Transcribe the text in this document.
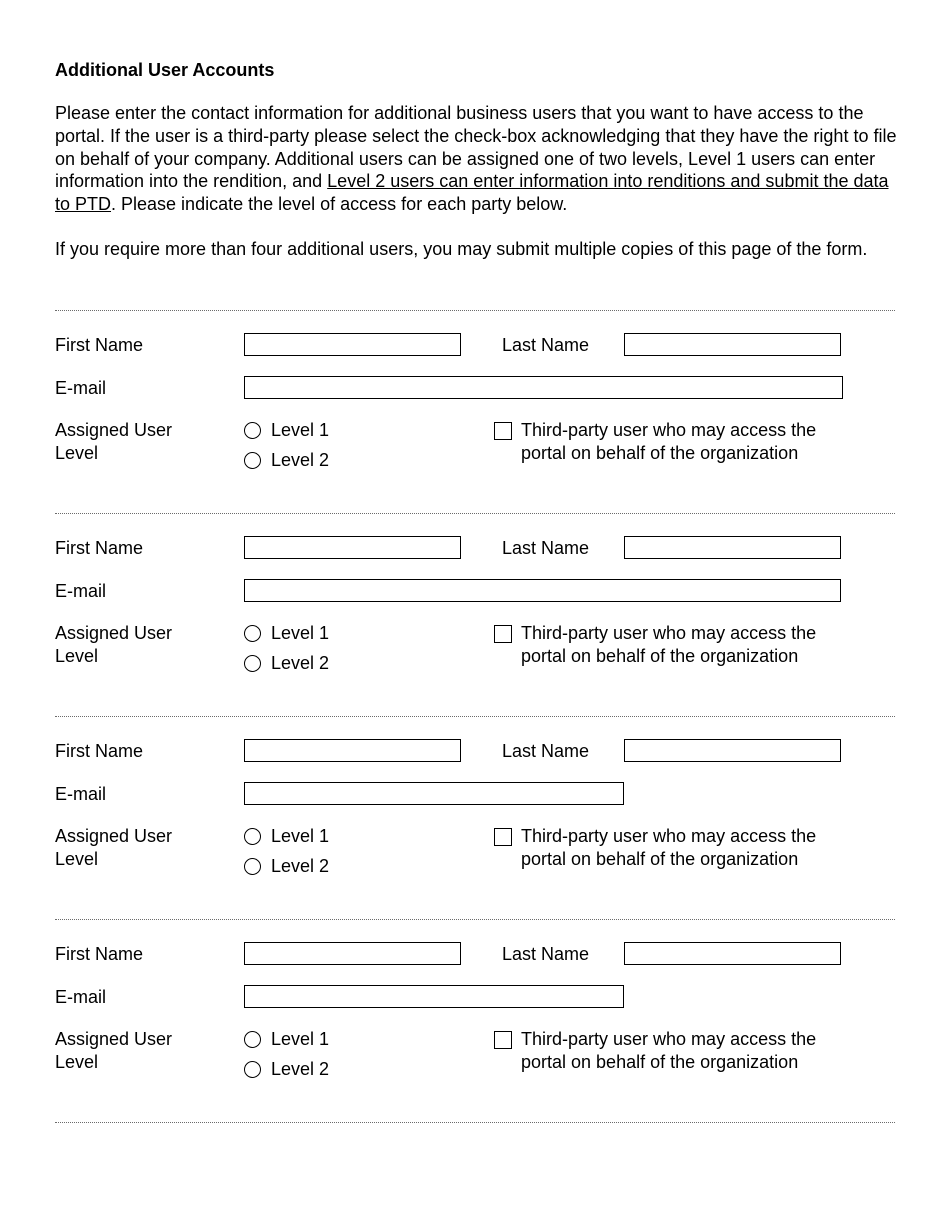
Additional User Accounts

Please enter the contact information for additional business users that you want to have access to the portal. If the user is a third-party please select the check-box acknowledging that they have the right to file on behalf of your company. Additional users can be assigned one of two levels, Level 1 users can enter information into the rendition, and Level 2 users can enter information into renditions and submit the data to PTD. Please indicate the level of access for each party below.

If you require more than four additional users, you may submit multiple copies of this page of the form.

First Name	Last Name
E-mail
Assigned User
Level
Level 1
Level 2
Third-party user who may access the portal on behalf of the organization
First Name	Last Name
E-mail
Assigned User
Level
Level 1
Level 2
Third-party user who may access the portal on behalf of the organization
First Name	Last Name
E-mail
Assigned User
Level
Level 1
Level 2
Third-party user who may access the portal on behalf of the organization
First Name	Last Name
E-mail
Assigned User
Level
Level 1
Level 2
Third-party user who may access the portal on behalf of the organization
